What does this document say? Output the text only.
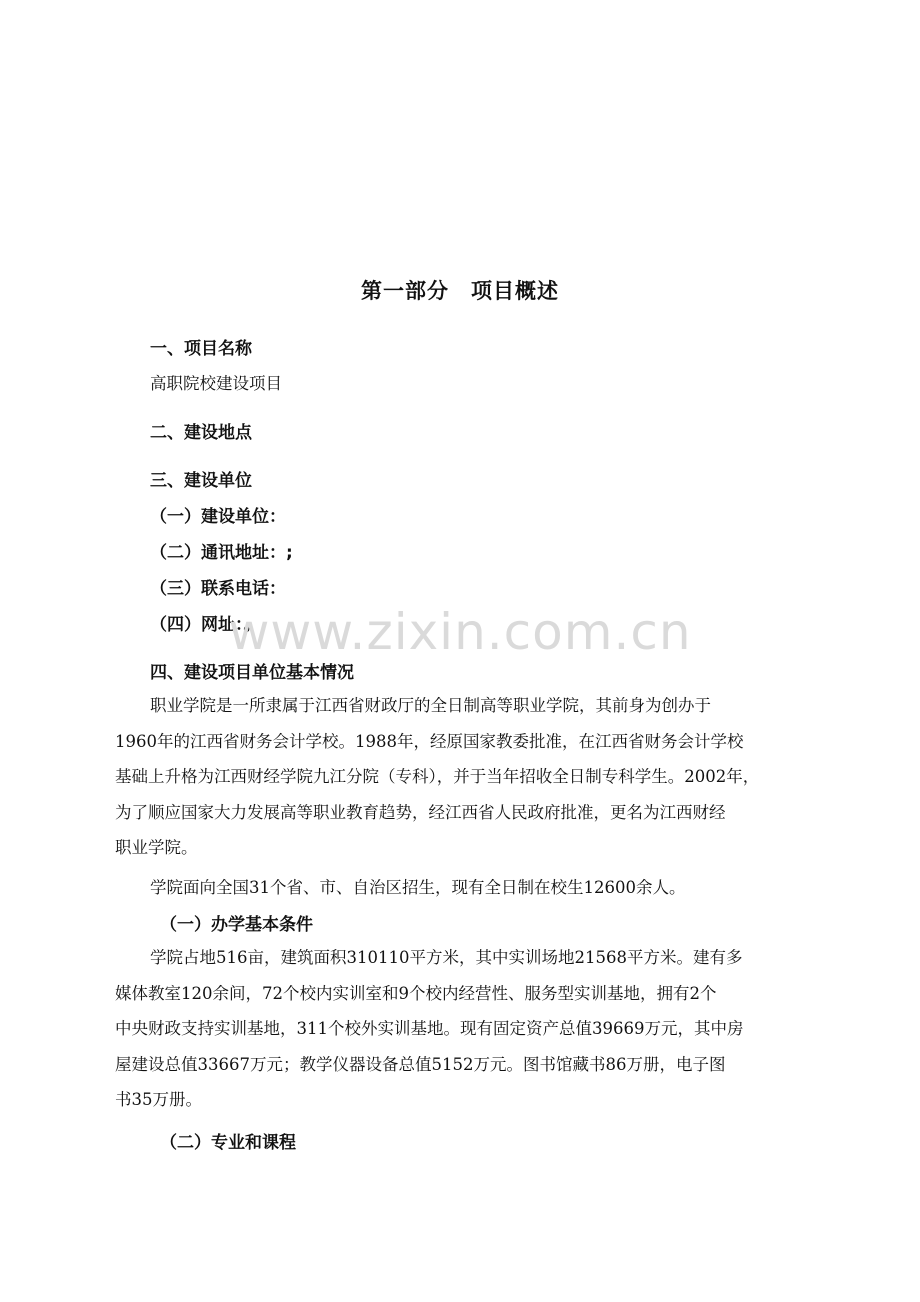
第一部分　项目概述
一、项目名称
高职院校建设项目
二、建设地点
三、建设单位
（一）建设单位：
（二）通讯地址：;
（三）联系电话：
（四）网址：。
四、建设项目单位基本情况
职业学院是一所隶属于江西省财政厅的全日制高等职业学院，其前身为创办于
1960年的江西省财务会计学校。1988年，经原国家教委批准，在江西省财务会计学校
基础上升格为江西财经学院九江分院（专科），并于当年招收全日制专科学生。2002年，
为了顺应国家大力发展高等职业教育趋势，经江西省人民政府批准，更名为江西财经
职业学院。
学院面向全国31个省、市、自治区招生，现有全日制在校生12600余人。
（一）办学基本条件
学院占地516亩，建筑面积310110平方米，其中实训场地21568平方米。建有多
媒体教室120余间，72个校内实训室和9个校内经营性、服务型实训基地，拥有2个
中央财政支持实训基地，311个校外实训基地。现有固定资产总值39669万元，其中房
屋建设总值33667万元；教学仪器设备总值5152万元。图书馆藏书86万册，电子图
书35万册。
（二）专业和课程
www.zixin.com.cn
